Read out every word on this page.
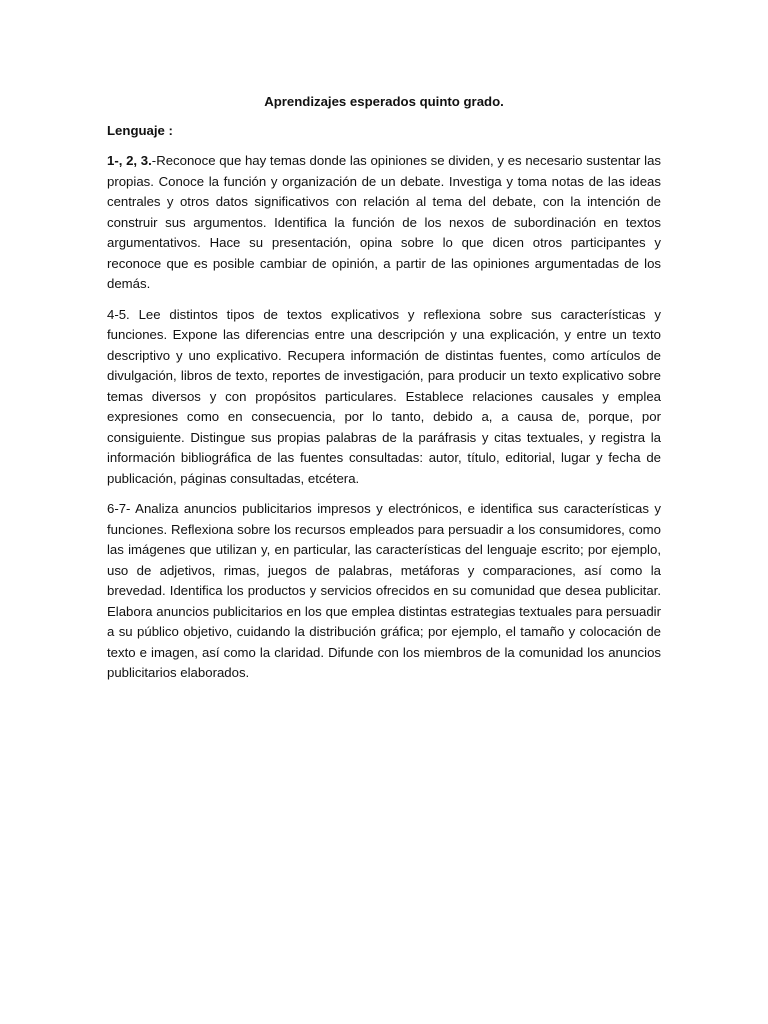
Aprendizajes esperados quinto grado.
Lenguaje :

1-, 2, 3.-Reconoce que hay temas donde las opiniones se dividen, y es necesario sustentar las propias. Conoce la función y organización de un debate. Investiga y toma notas de las ideas centrales y otros datos significativos con relación al tema del debate, con la intención de construir sus argumentos. Identifica la función de los nexos de subordinación en textos argumentativos. Hace su presentación, opina sobre lo que dicen otros participantes y reconoce que es posible cambiar de opinión, a partir de las opiniones argumentadas de los demás.

4-5. Lee distintos tipos de textos explicativos y reflexiona sobre sus características y funciones. Expone las diferencias entre una descripción y una explicación, y entre un texto descriptivo y uno explicativo. Recupera información de distintas fuentes, como artículos de divulgación, libros de texto, reportes de investigación, para producir un texto explicativo sobre temas diversos y con propósitos particulares. Establece relaciones causales y emplea expresiones como en consecuencia, por lo tanto, debido a, a causa de, porque, por consiguiente. Distingue sus propias palabras de la paráfrasis y citas textuales, y registra la información bibliográfica de las fuentes consultadas: autor, título, editorial, lugar y fecha de publicación, páginas consultadas, etcétera.

6-7- Analiza anuncios publicitarios impresos y electrónicos, e identifica sus características y funciones. Reflexiona sobre los recursos empleados para persuadir a los consumidores, como las imágenes que utilizan y, en particular, las características del lenguaje escrito; por ejemplo, uso de adjetivos, rimas, juegos de palabras, metáforas y comparaciones, así como la brevedad. Identifica los productos y servicios ofrecidos en su comunidad que desea publicitar. Elabora anuncios publicitarios en los que emplea distintas estrategias textuales para persuadir a su público objetivo, cuidando la distribución gráfica; por ejemplo, el tamaño y colocación de texto e imagen, así como la claridad. Difunde con los miembros de la comunidad los anuncios publicitarios elaborados.
